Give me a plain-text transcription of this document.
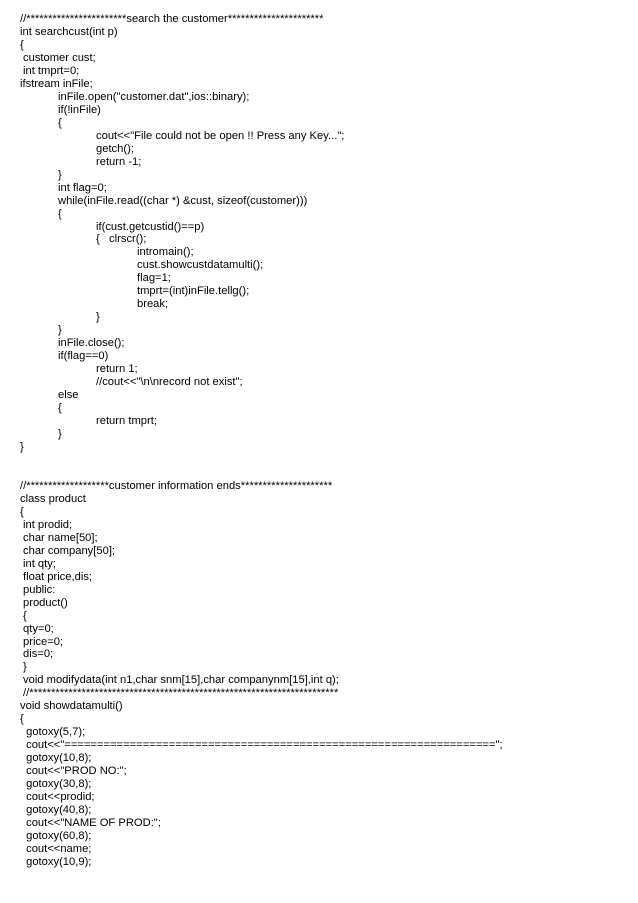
//***********************search the customer**********************
int searchcust(int p)
{
customer cust;
int tmprt=0;
ifstream inFile;
inFile.open("customer.dat",ios::binary);
if(!inFile)
{
cout<<"File could not be open !! Press any Key...";
getch();
return -1;
}
int flag=0;
while(inFile.read((char *) &cust, sizeof(customer)))
{
if(cust.getcustid()==p)
{   clrscr();
intromain();
cust.showcustdatamulti();
flag=1;
tmprt=(int)inFile.tellg();
break;
}
}
inFile.close();
if(flag==0)
return 1;
//cout<<"\n\nrecord not exist";
else
{
return tmprt;
}
}
//*******************customer information ends*********************
class product
{
int prodid;
char name[50];
char company[50];
int qty;
float price,dis;
public:
product()
{
qty=0;
price=0;
dis=0;
}
void modifydata(int n1,char snm[15],char companynm[15],int q);
//***********************************************************************
void showdatamulti()
{
gotoxy(5,7);
cout<<"==================================================================";
gotoxy(10,8);
cout<<"PROD NO:";
gotoxy(30,8);
cout<<prodid;
gotoxy(40,8);
cout<<"NAME OF PROD:";
gotoxy(60,8);
cout<<name;
gotoxy(10,9);
